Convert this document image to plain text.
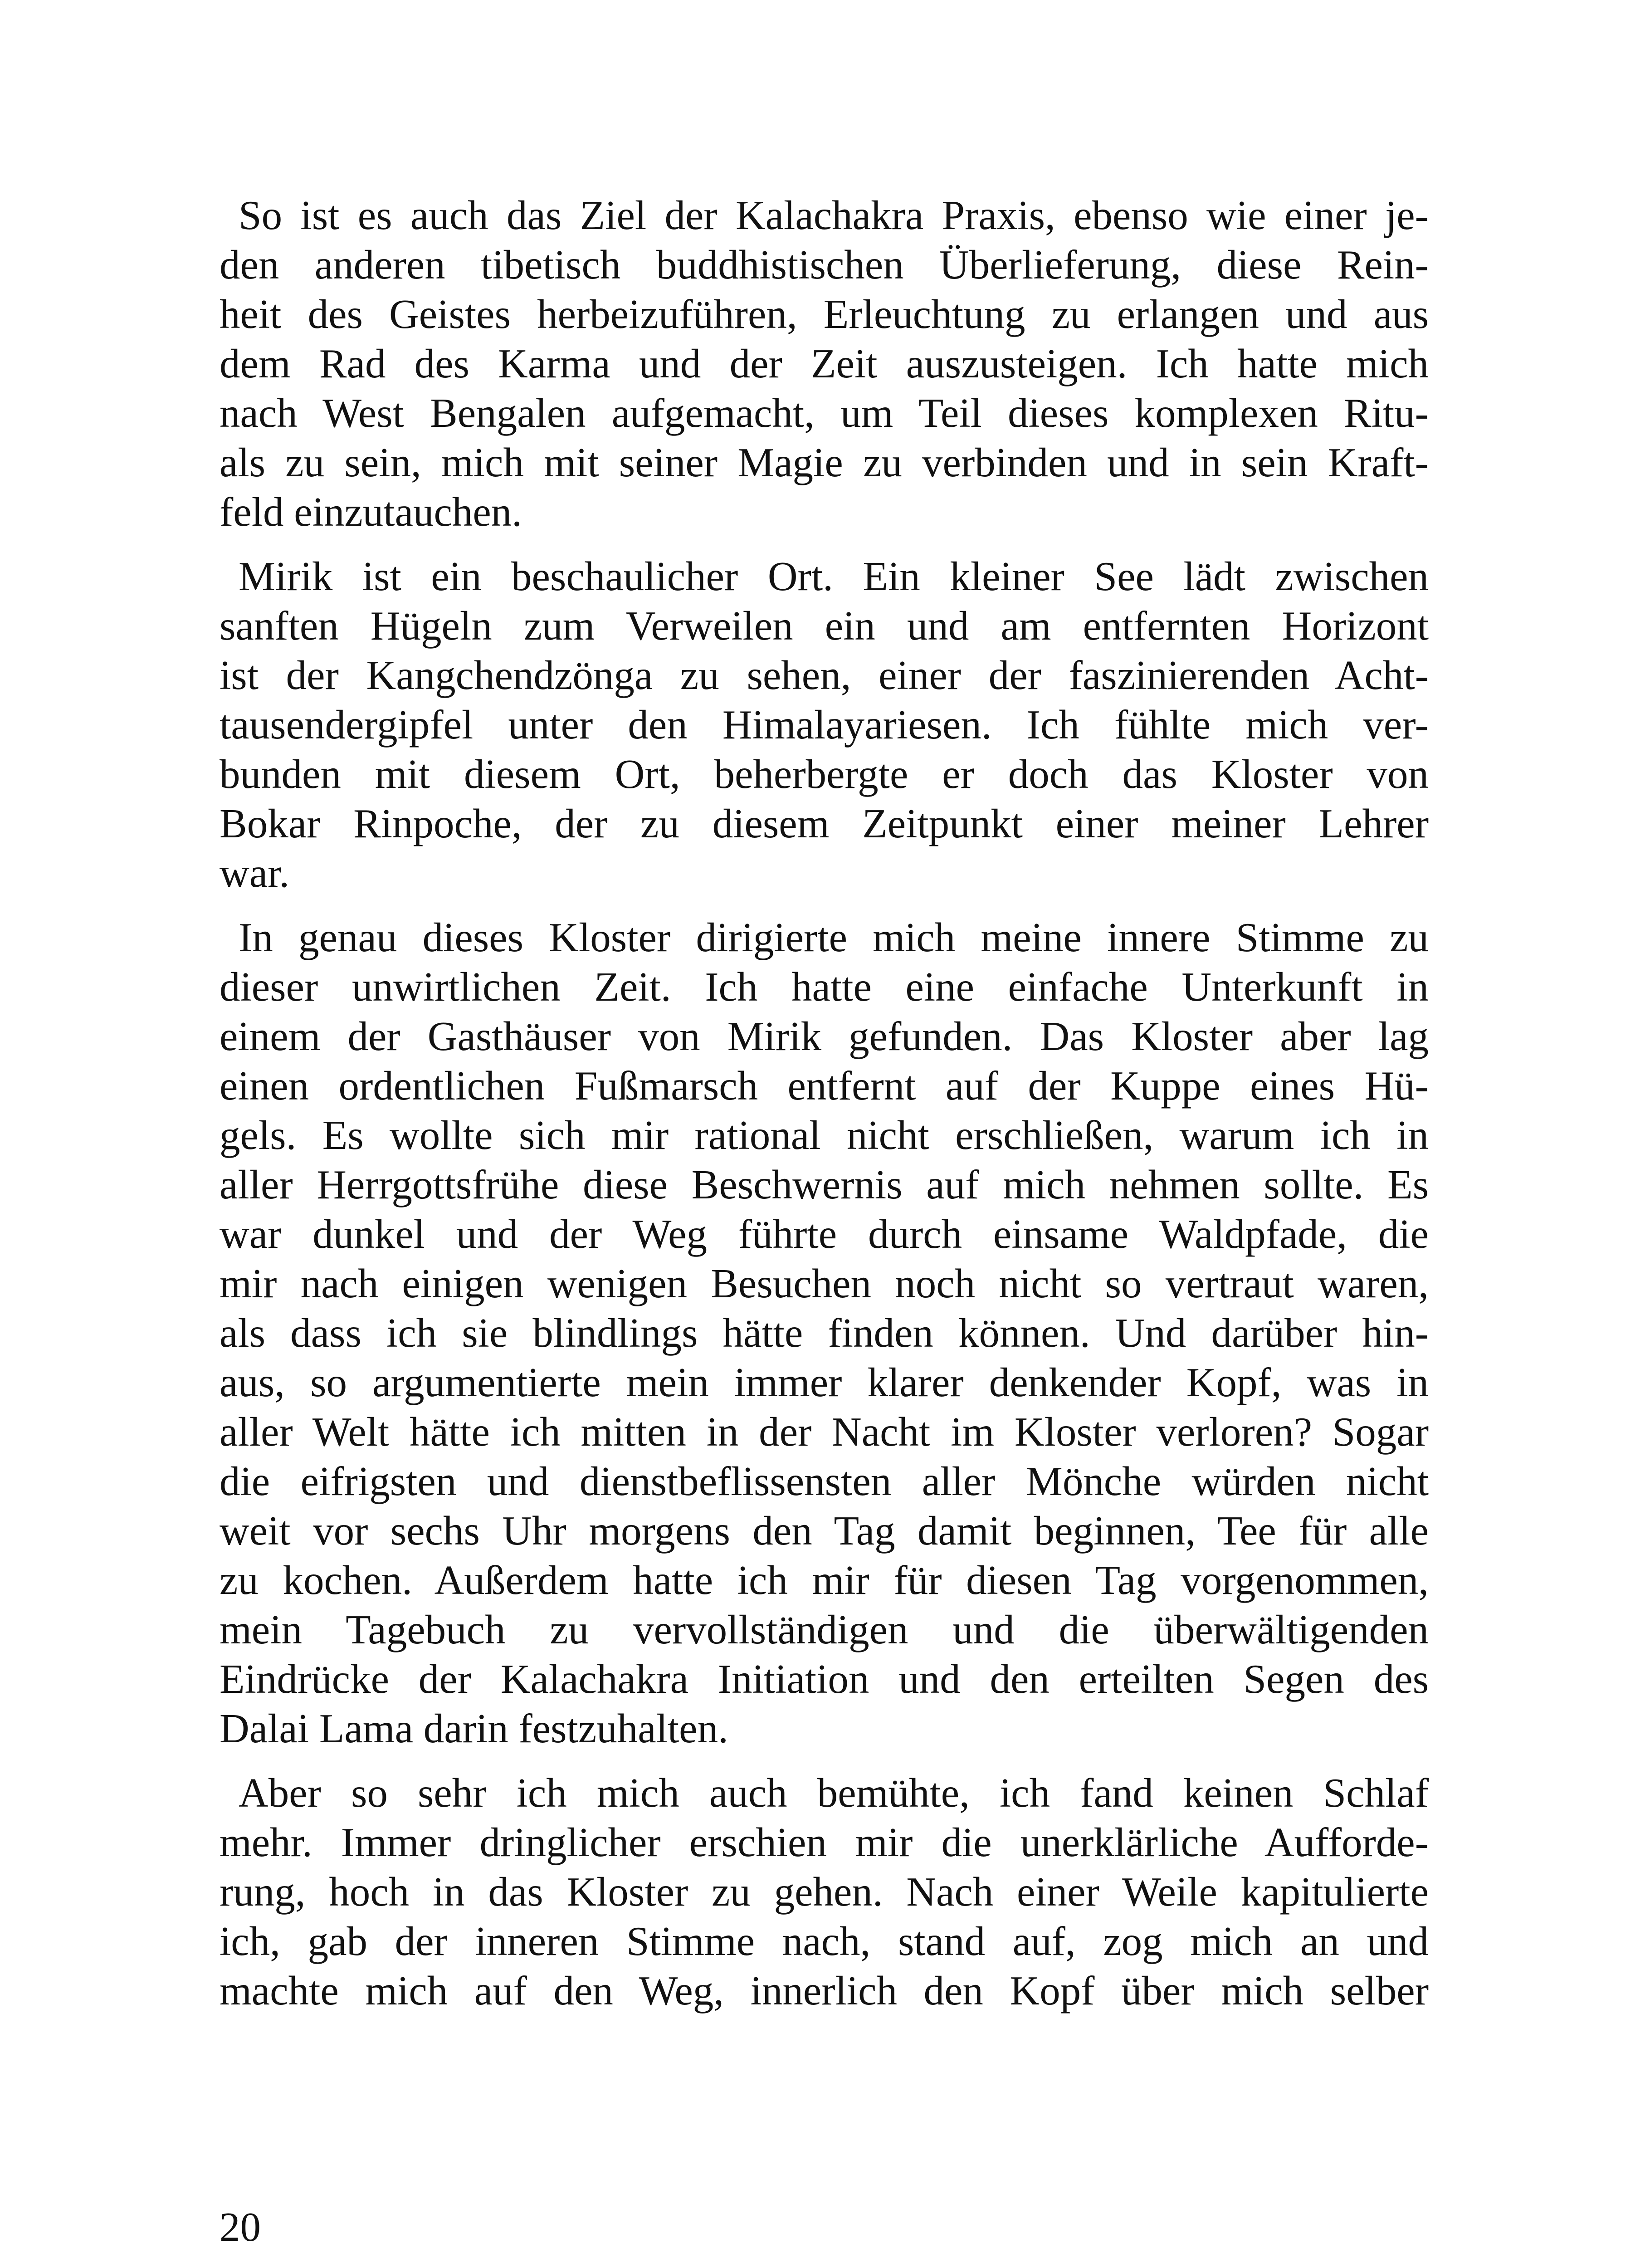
So ist es auch das Ziel der Kalachakra Praxis, ebenso wie einer je-
den anderen tibetisch buddhistischen Überlieferung, diese Rein-
heit des Geistes herbeizuführen, Erleuchtung zu erlangen und aus
dem Rad des Karma und der Zeit auszusteigen. Ich hatte mich
nach West Bengalen aufgemacht, um Teil dieses komplexen Ritu-
als zu sein, mich mit seiner Magie zu verbinden und in sein Kraft-
feld einzutauchen.

Mirik ist ein beschaulicher Ort. Ein kleiner See lädt zwischen
sanften Hügeln zum Verweilen ein und am entfernten Horizont
ist der Kangchendzönga zu sehen, einer der faszinierenden Acht-
tausendergipfel unter den Himalayariesen. Ich fühlte mich ver-
bunden mit diesem Ort, beherbergte er doch das Kloster von
Bokar Rinpoche, der zu diesem Zeitpunkt einer meiner Lehrer
war.

In genau dieses Kloster dirigierte mich meine innere Stimme zu
dieser unwirtlichen Zeit. Ich hatte eine einfache Unterkunft in
einem der Gasthäuser von Mirik gefunden. Das Kloster aber lag
einen ordentlichen Fußmarsch entfernt auf der Kuppe eines Hü-
gels. Es wollte sich mir rational nicht erschließen, warum ich in
aller Herrgottsfrühe diese Beschwernis auf mich nehmen sollte. Es
war dunkel und der Weg führte durch einsame Waldpfade, die
mir nach einigen wenigen Besuchen noch nicht so vertraut waren,
als dass ich sie blindlings hätte finden können. Und darüber hin-
aus, so argumentierte mein immer klarer denkender Kopf, was in
aller Welt hätte ich mitten in der Nacht im Kloster verloren? Sogar
die eifrigsten und dienstbeflissensten aller Mönche würden nicht
weit vor sechs Uhr morgens den Tag damit beginnen, Tee für alle
zu kochen. Außerdem hatte ich mir für diesen Tag vorgenommen,
mein Tagebuch zu vervollständigen und die überwältigenden
Eindrücke der Kalachakra Initiation und den erteilten Segen des
Dalai Lama darin festzuhalten.

Aber so sehr ich mich auch bemühte, ich fand keinen Schlaf
mehr. Immer dringlicher erschien mir die unerklärliche Aufforde-
rung, hoch in das Kloster zu gehen. Nach einer Weile kapitulierte
ich, gab der inneren Stimme nach, stand auf, zog mich an und
machte mich auf den Weg, innerlich den Kopf über mich selber

20
